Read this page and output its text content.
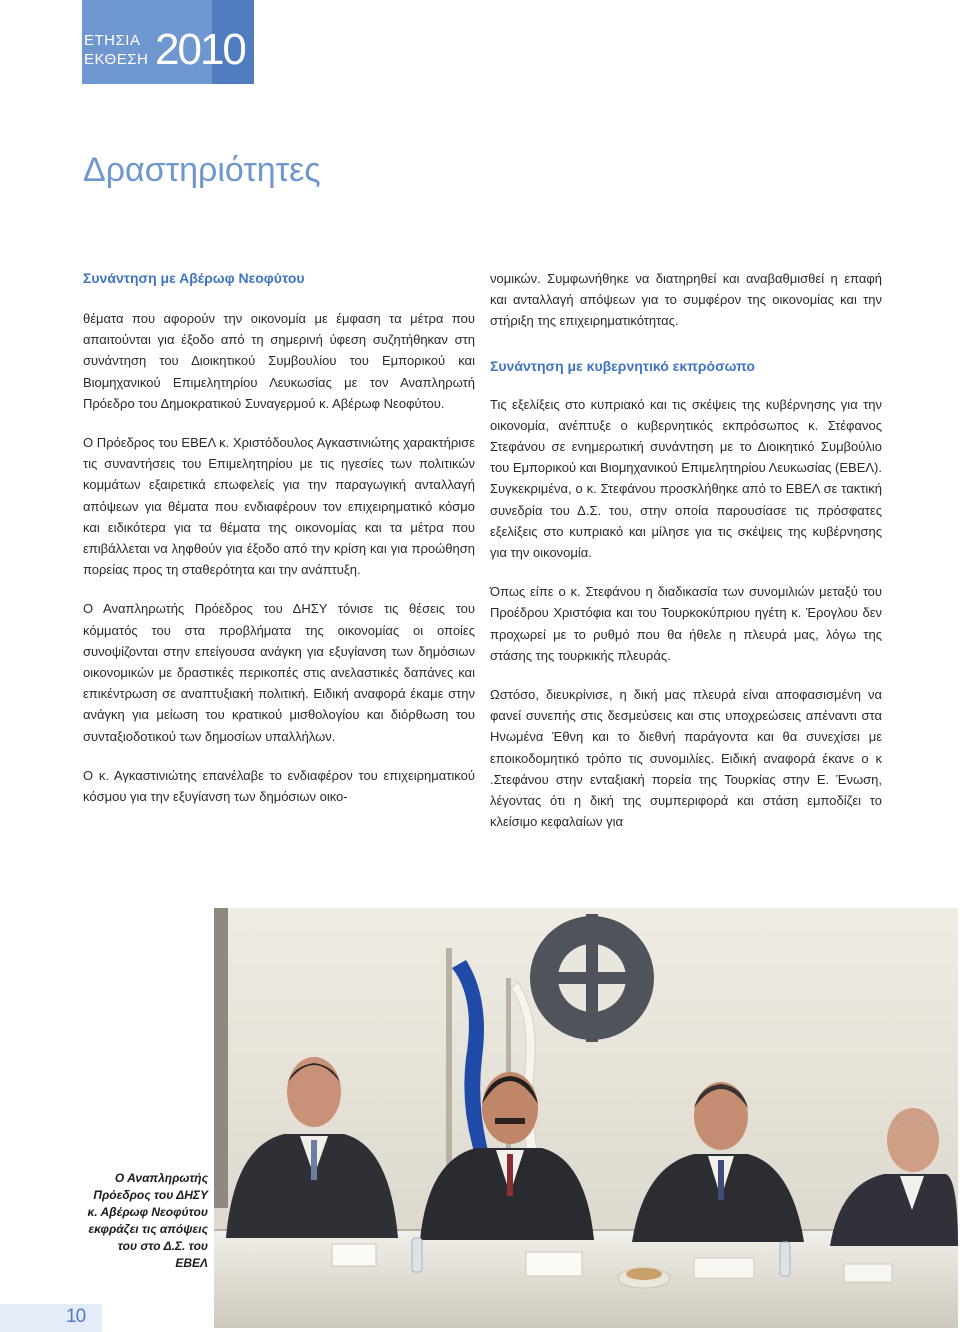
ΕΤΗΣΙΑ
ΕΚΘΕΣΗ 2010
Δραστηριότητες
Συνάντηση με Αβέρωφ Νεοφύτου

θέματα που αφορούν την οικονομία με έμφαση τα μέτρα που απαιτούνται για έξοδο από τη σημερινή ύφεση συζητήθηκαν στη συνάντηση του Διοικητικού Συμβουλίου του Εμπορικού και Βιομηχανικού Επιμελητηρίου Λευκωσίας με τον Αναπληρωτή Πρόεδρο του Δημοκρατικού Συναγερμού κ. Αβέρωφ Νεοφύτου.

Ο Πρόεδρος του ΕΒΕΛ κ. Χριστόδουλος Αγκαστινιώτης χαρακτήρισε τις συναντήσεις του Επιμελητηρίου με τις ηγεσίες των πολιτικών κομμάτων εξαιρετικά επωφελείς για την παραγωγική ανταλλαγή απόψεων για θέματα που ενδιαφέρουν τον επιχειρηματικό κόσμο και ειδικότερα για τα θέματα της οικονομίας και τα μέτρα που επιβάλλεται να ληφθούν για έξοδο από την κρίση και για προώθηση πορείας προς τη σταθερότητα και την ανάπτυξη.

Ο Αναπληρωτής Πρόεδρος του ΔΗΣΥ τόνισε τις θέσεις του κόμματός του στα προβλήματα της οικονομίας οι οποίες συνοψίζονται στην επείγουσα ανάγκη για εξυγίανση των δημόσιων οικονομικών με δραστικές περικοπές στις ανελαστικές δαπάνες και επικέντρωση σε αναπτυξιακή πολιτική. Ειδική αναφορά έκαμε στην ανάγκη για μείωση του κρατικού μισθολογίου και διόρθωση του συνταξιοδοτικού των δημοσίων υπαλλήλων.

Ο κ. Αγκαστινιώτης επανέλαβε το ενδιαφέρον του επιχειρηματικού κόσμου για την εξυγίανση των δημόσιων οικο-

νομικών. Συμφωνήθηκε να διατηρηθεί και αναβαθμισθεί η επαφή και ανταλλαγή απόψεων για το συμφέρον της οικονομίας και την στήριξη της επιχειρηματικότητας.

Συνάντηση με κυβερνητικό εκπρόσωπο

Τις εξελίξεις στο κυπριακό και τις σκέψεις της κυβέρνησης για την οικονομία, ανέπτυξε ο κυβερνητικός εκπρόσωπος κ. Στέφανος Στεφάνου σε ενημερωτική συνάντηση με το Διοικητικό Συμβούλιο του Εμπορικού και Βιομηχανικού Επιμελητηρίου Λευκωσίας (ΕΒΕΛ). Συγκεκριμένα, ο κ. Στεφάνου προσκλήθηκε από το ΕΒΕΛ σε τακτική συνεδρία του Δ.Σ. του, στην οποία παρουσίασε τις πρόσφατες εξελίξεις στο κυπριακό και μίλησε για τις σκέψεις της κυβέρνησης για την οικονομία.

Όπως είπε ο κ. Στεφάνου η διαδικασία των συνομιλιών μεταξύ του Προέδρου Χριστόφια και του Τουρκοκύπριου ηγέτη κ. Έρογλου δεν προχωρεί με το ρυθμό που θα ήθελε η πλευρά μας, λόγω της στάσης της τουρκικής πλευράς.

Ωστόσο, διευκρίνισε, η δική μας πλευρά είναι αποφασισμένη να φανεί συνεπής στις δεσμεύσεις και στις υποχρεώσεις απέναντι στα Ηνωμένα Έθνη και το διεθνή παράγοντα και θα συνεχίσει με εποικοδομητικό τρόπο τις συνομιλίες. Ειδική αναφορά έκανε ο κ .Στεφάνου στην ενταξιακή πορεία της Τουρκίας στην Ε. Ένωση, λέγοντας ότι η δική της συμπεριφορά και στάση εμποδίζει το κλείσιμο κεφαλαίων για

Ο Αναπληρωτής Πρόεδρος του ΔΗΣΥ κ. Αβέρωφ Νεοφύτου εκφράζει τις απόψεις του στο Δ.Σ. του ΕΒΕΛ
10
